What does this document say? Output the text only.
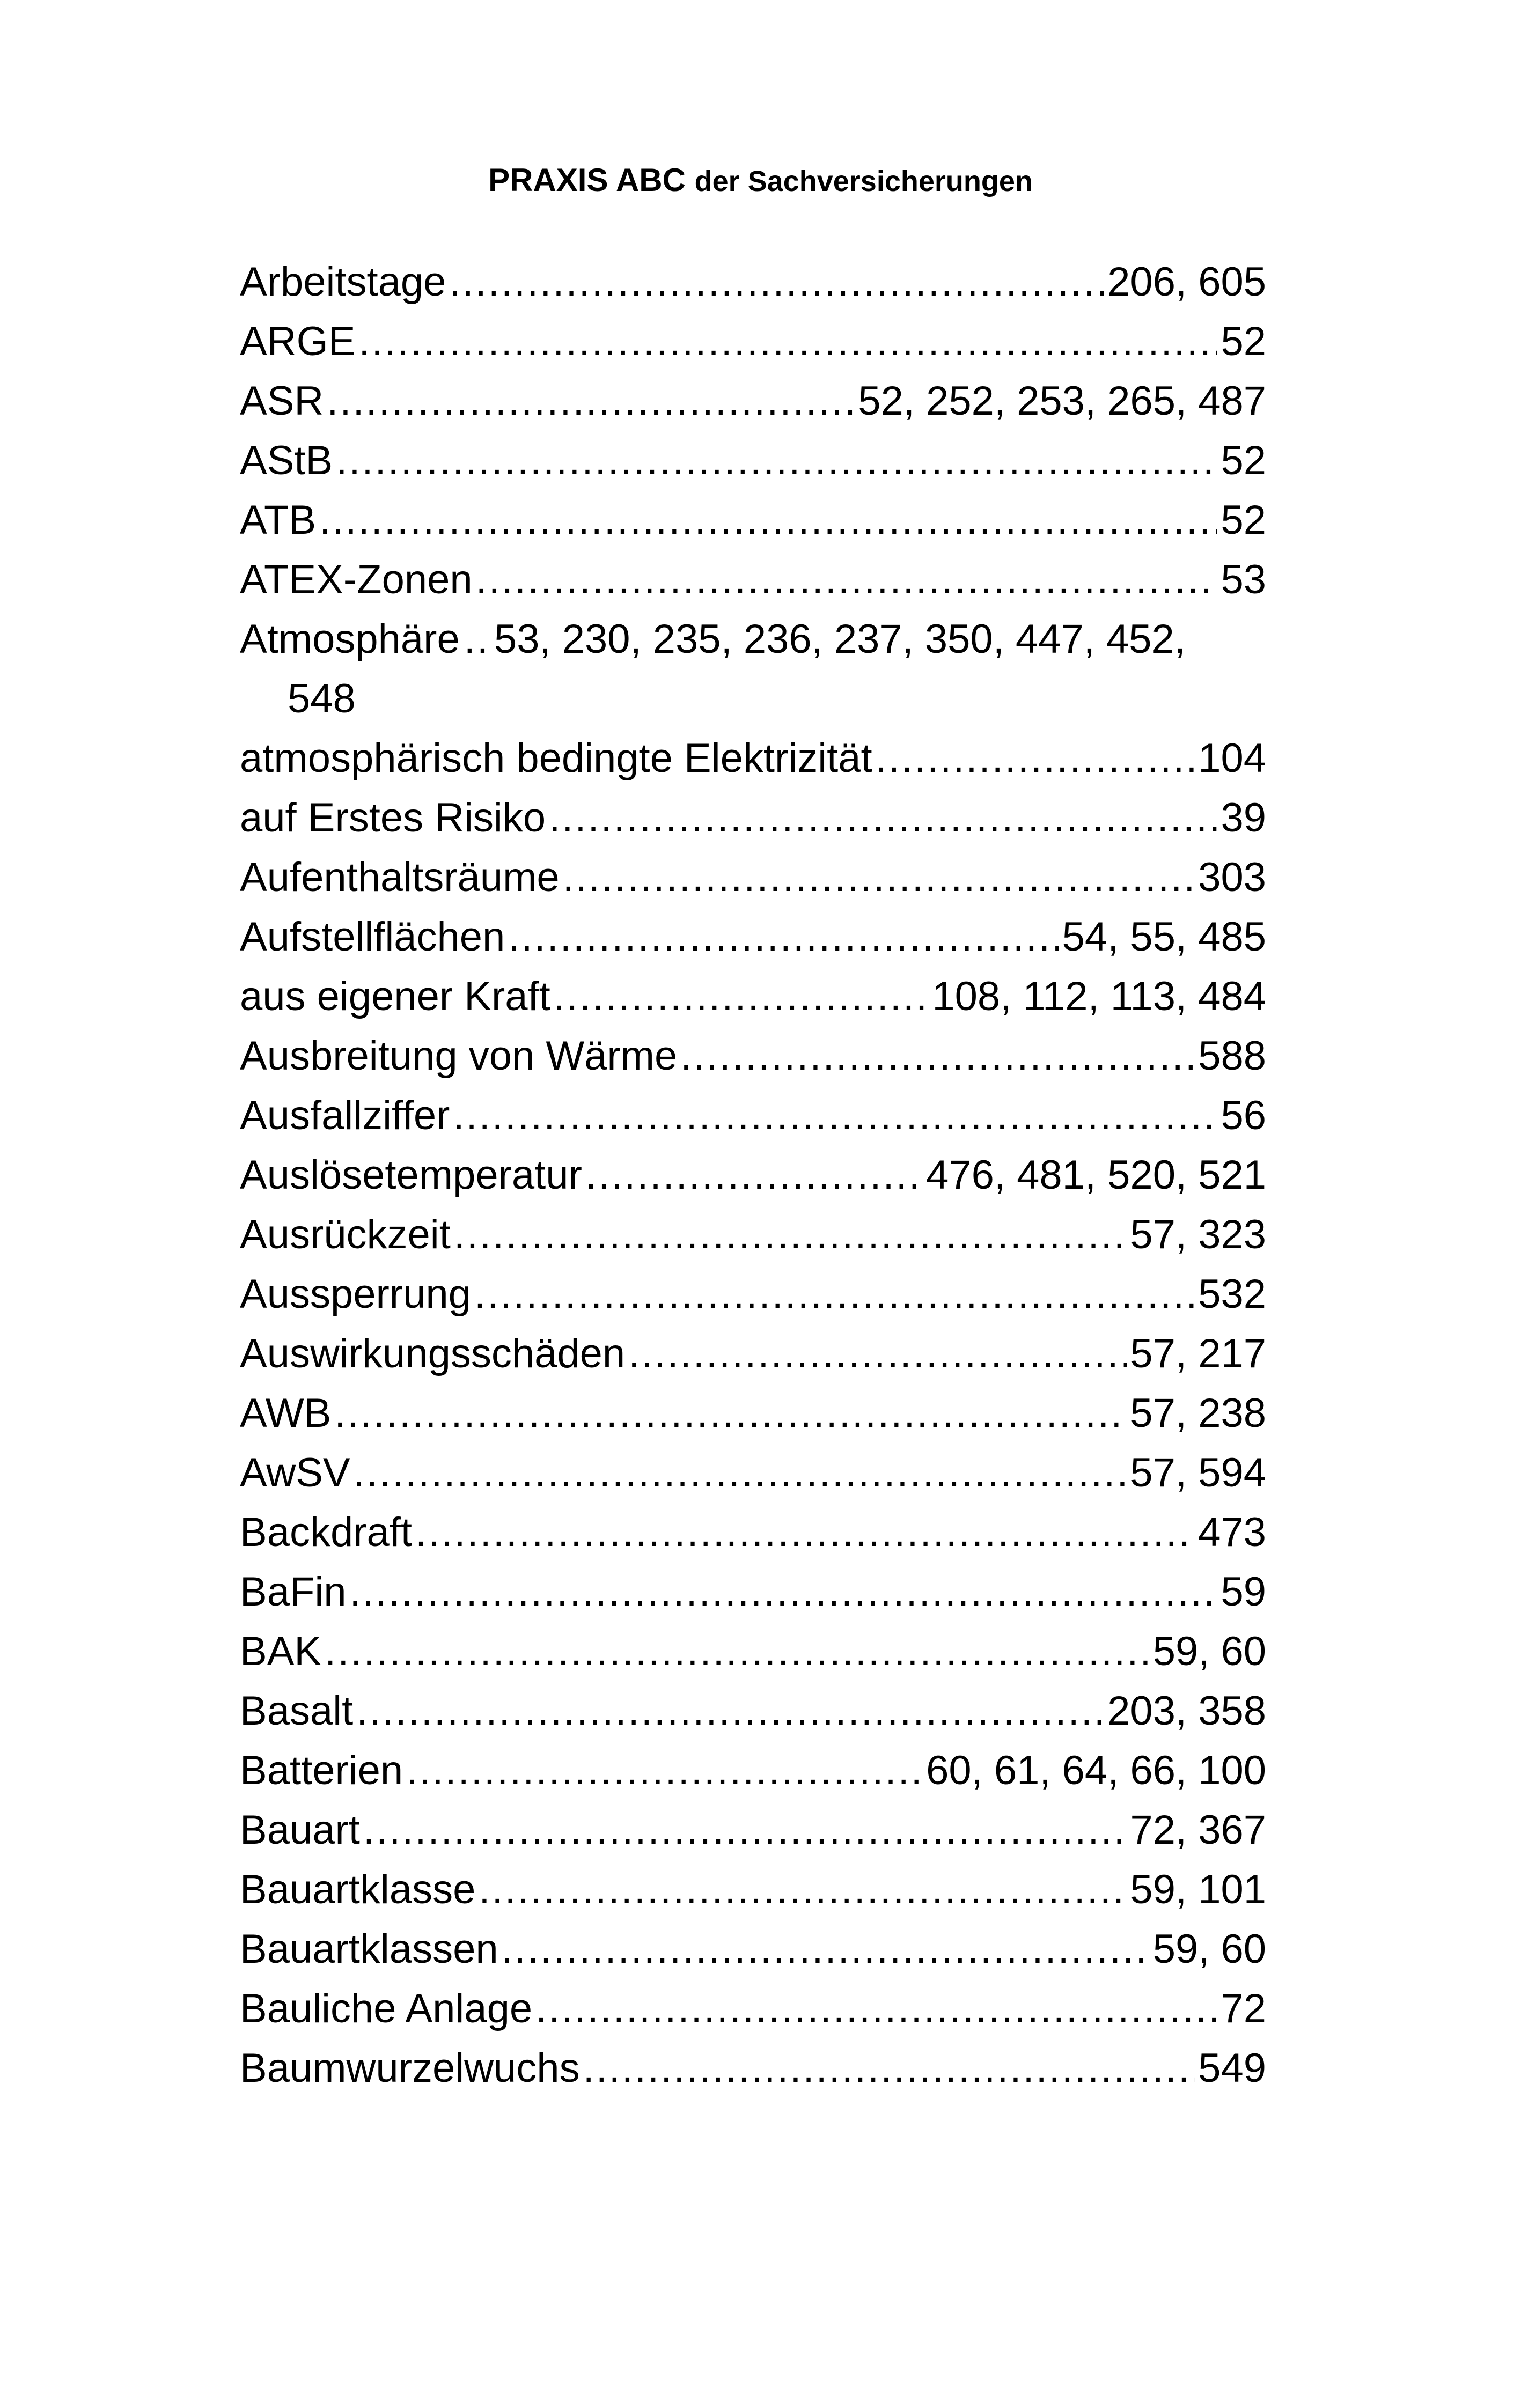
PRAXIS ABC der Sachversicherungen
Arbeitstage .....	206, 605
ARGE .....	52
ASR .....	52, 252, 253, 265, 487
AStB .....	52
ATB .....	52
ATEX-Zonen .....	53
Atmosphäre .. 53, 230, 235, 236, 237, 350, 447, 452,
548
atmosphärisch bedingte Elektrizität .....	104
auf Erstes Risiko .....	39
Aufenthaltsräume .....	303
Aufstellflächen .....	54, 55, 485
aus eigener Kraft .....	108, 112, 113, 484
Ausbreitung von Wärme .....	588
Ausfallziffer .....	56
Auslösetemperatur .....	476, 481, 520, 521
Ausrückzeit .....	57, 323
Aussperrung .....	532
Auswirkungsschäden .....	57, 217
AWB .....	57, 238
AwSV .....	57, 594
Backdraft .....	473
BaFin .....	59
BAK .....	59, 60
Basalt .....	203, 358
Batterien .....	60, 61, 64, 66, 100
Bauart .....	72, 367
Bauartklasse .....	59, 101
Bauartklassen .....	59, 60
Bauliche Anlage .....	72
Baumwurzelwuchs .....	549
